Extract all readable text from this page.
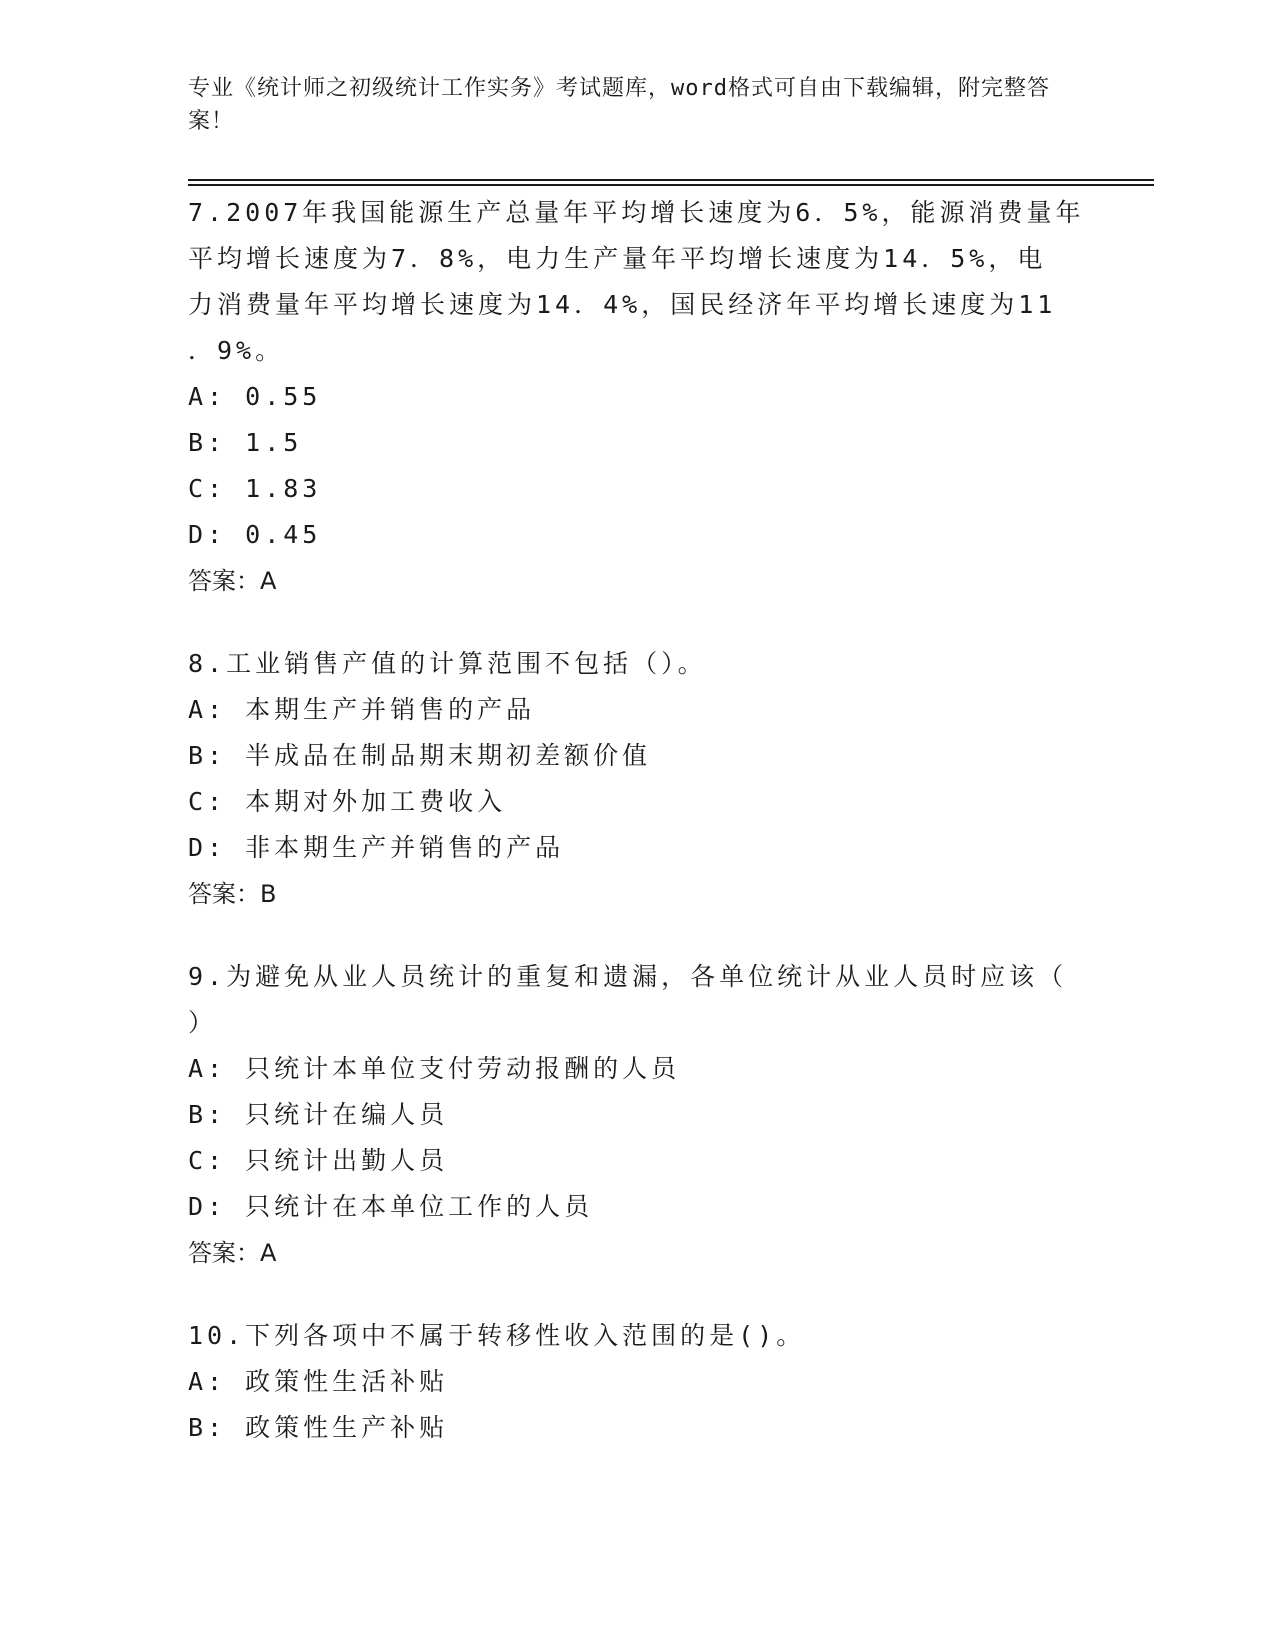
专业《统计师之初级统计工作实务》考试题库，word格式可自由下载编辑，附完整答案！

7.2007年我国能源生产总量年平均增长速度为6．5%，能源消费量年

平均增长速度为7．8%，电力生产量年平均增长速度为14．5%，电

力消费量年平均增长速度为14．4%，国民经济年平均增长速度为11

．9%。

A: 0.55

B: 1.5

C: 1.83

D: 0.45

答案：A

8.工业销售产值的计算范围不包括（）。

A: 本期生产并销售的产品

B: 半成品在制品期末期初差额价值

C: 本期对外加工费收入

D: 非本期生产并销售的产品

答案：B

9.为避免从业人员统计的重复和遗漏，各单位统计从业人员时应该（

）

A: 只统计本单位支付劳动报酬的人员

B: 只统计在编人员

C: 只统计出勤人员

D: 只统计在本单位工作的人员

答案：A

10.下列各项中不属于转移性收入范围的是()。

A: 政策性生活补贴

B: 政策性生产补贴
